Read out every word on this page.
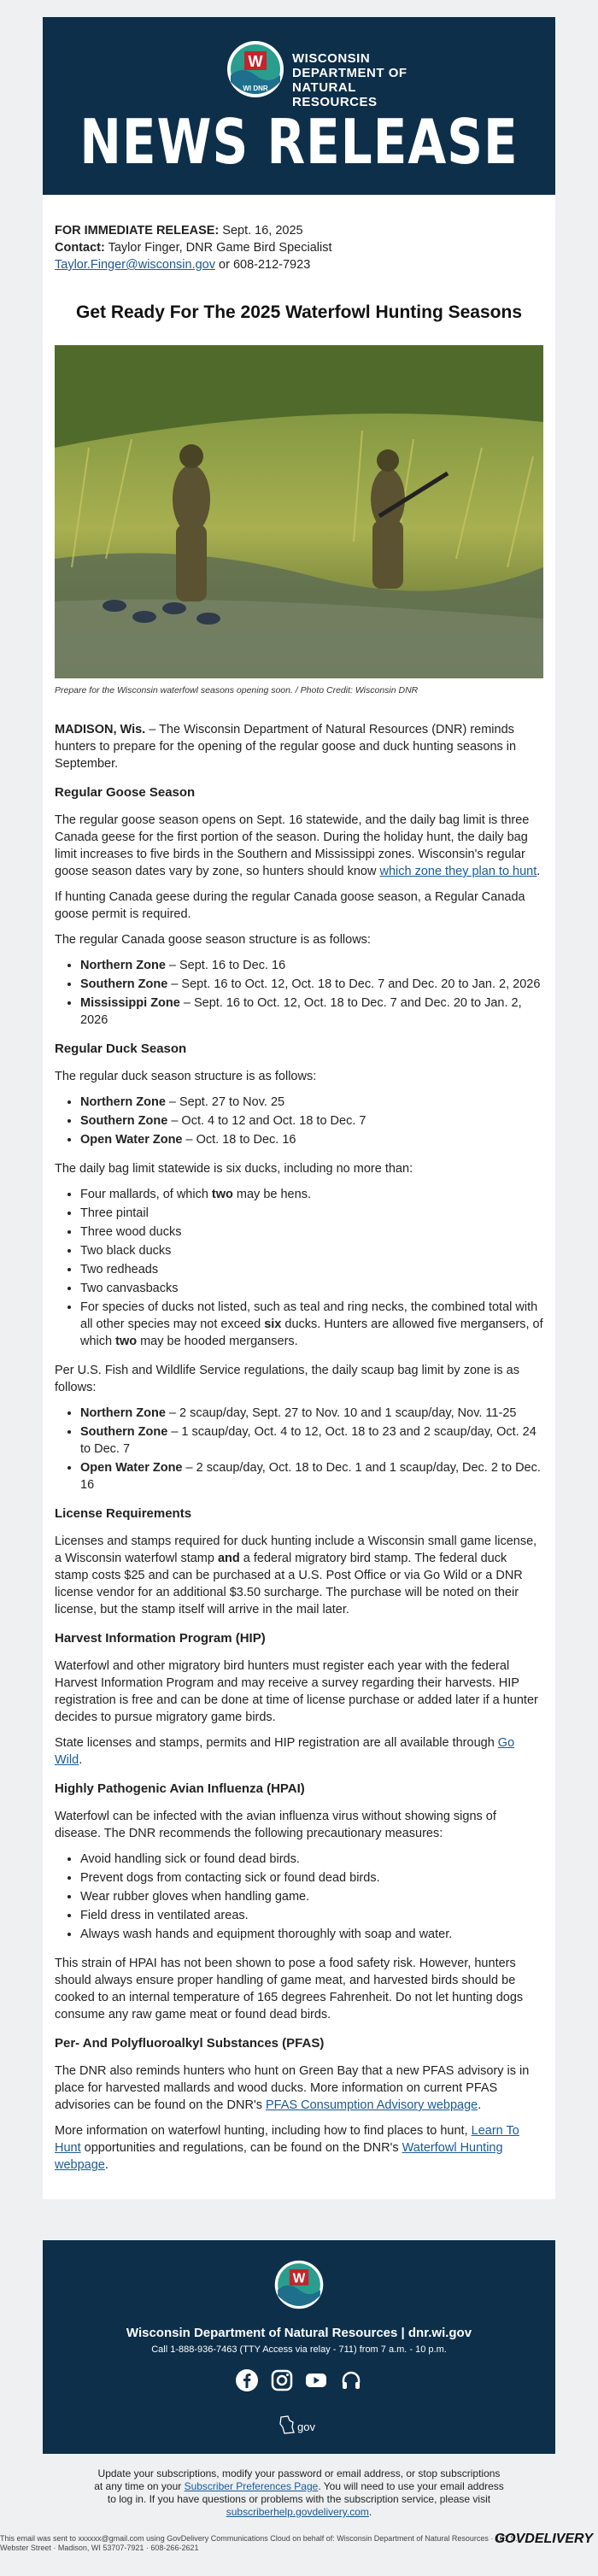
W
WI DNR
WISCONSIN
DEPARTMENT OF
NATURAL RESOURCES
NEWS RELEASE

FOR IMMEDIATE RELEASE: Sept. 16, 2025

Contact: Taylor Finger, DNR Game Bird Specialist

Taylor.Finger@wisconsin.gov or 608-212-7923

Get Ready For The 2025 Waterfowl Hunting Seasons
Prepare for the Wisconsin waterfowl seasons opening soon. / Photo Credit: Wisconsin DNR

MADISON, Wis. – The Wisconsin Department of Natural Resources (DNR) reminds hunters to prepare for the opening of the regular goose and duck hunting seasons in September.

Regular Goose Season

The regular goose season opens on Sept. 16 statewide, and the daily bag limit is three Canada geese for the first portion of the season. During the holiday hunt, the daily bag limit increases to five birds in the Southern and Mississippi zones. Wisconsin's regular goose season dates vary by zone, so hunters should know which zone they plan to hunt.

If hunting Canada geese during the regular Canada goose season, a Regular Canada goose permit is required.

The regular Canada goose season structure is as follows:

• Northern Zone – Sept. 16 to Dec. 16
• Southern Zone – Sept. 16 to Oct. 12, Oct. 18 to Dec. 7 and Dec. 20 to Jan. 2, 2026
• Mississippi Zone – Sept. 16 to Oct. 12, Oct. 18 to Dec. 7 and Dec. 20 to Jan. 2, 2026
Regular Duck Season

The regular duck season structure is as follows:

• Northern Zone – Sept. 27 to Nov. 25
• Southern Zone – Oct. 4 to 12 and Oct. 18 to Dec. 7
• Open Water Zone – Oct. 18 to Dec. 16

The daily bag limit statewide is six ducks, including no more than:

• Four mallards, of which two may be hens.
• Three pintail
• Three wood ducks
• Two black ducks
• Two redheads
• Two canvasbacks
• For species of ducks not listed, such as teal and ring necks, the combined total with all other species may not exceed six ducks. Hunters are allowed five mergansers, of which two may be hooded mergansers.

Per U.S. Fish and Wildlife Service regulations, the daily scaup bag limit by zone is as follows:

• Northern Zone – 2 scaup/day, Sept. 27 to Nov. 10 and 1 scaup/day, Nov. 11-25
• Southern Zone – 1 scaup/day, Oct. 4 to 12, Oct. 18 to 23 and 2 scaup/day, Oct. 24 to Dec. 7
• Open Water Zone – 2 scaup/day, Oct. 18 to Dec. 1 and 1 scaup/day, Dec. 2 to Dec. 16
License Requirements

Licenses and stamps required for duck hunting include a Wisconsin small game license, a Wisconsin waterfowl stamp and a federal migratory bird stamp. The federal duck stamp costs $25 and can be purchased at a U.S. Post Office or via Go Wild or a DNR license vendor for an additional $3.50 surcharge. The purchase will be noted on their license, but the stamp itself will arrive in the mail later.

Harvest Information Program (HIP)

Waterfowl and other migratory bird hunters must register each year with the federal Harvest Information Program and may receive a survey regarding their harvests. HIP registration is free and can be done at time of license purchase or added later if a hunter decides to pursue migratory game birds.

State licenses and stamps, permits and HIP registration are all available through Go Wild.

Highly Pathogenic Avian Influenza (HPAI)

Waterfowl can be infected with the avian influenza virus without showing signs of disease. The DNR recommends the following precautionary measures:

• Avoid handling sick or found dead birds.
• Prevent dogs from contacting sick or found dead birds.
• Wear rubber gloves when handling game.
• Field dress in ventilated areas.
• Always wash hands and equipment thoroughly with soap and water.

This strain of HPAI has not been shown to pose a food safety risk. However, hunters should always ensure proper handling of game meat, and harvested birds should be cooked to an internal temperature of 165 degrees Fahrenheit. Do not let hunting dogs consume any raw game meat or found dead birds.

Per- And Polyfluoroalkyl Substances (PFAS)

The DNR also reminds hunters who hunt on Green Bay that a new PFAS advisory is in place for harvested mallards and wood ducks. More information on current PFAS advisories can be found on the DNR's PFAS Consumption Advisory webpage.

More information on waterfowl hunting, including how to find places to hunt, Learn To Hunt opportunities and regulations, can be found on the DNR's Waterfowl Hunting webpage.

W
Wisconsin Department of Natural Resources | dnr.wi.gov
Call 1-888-936-7463 (TTY Access via relay - 711) from 7 a.m. - 10 p.m.

gov
Update your subscriptions, modify your password or email address, or stop subscriptions at any time on your Subscriber Preferences Page. You will need to use your email address to log in. If you have questions or problems with the subscription service, please visit subscriberhelp.govdelivery.com.
This email was sent to xxxxxx@gmail.com using GovDelivery Communications Cloud on behalf of: Wisconsin Department of Natural Resources · 101 S. Webster Street · Madison, WI 53707-7921 · 608-266-2621
GOVDELIVERY
